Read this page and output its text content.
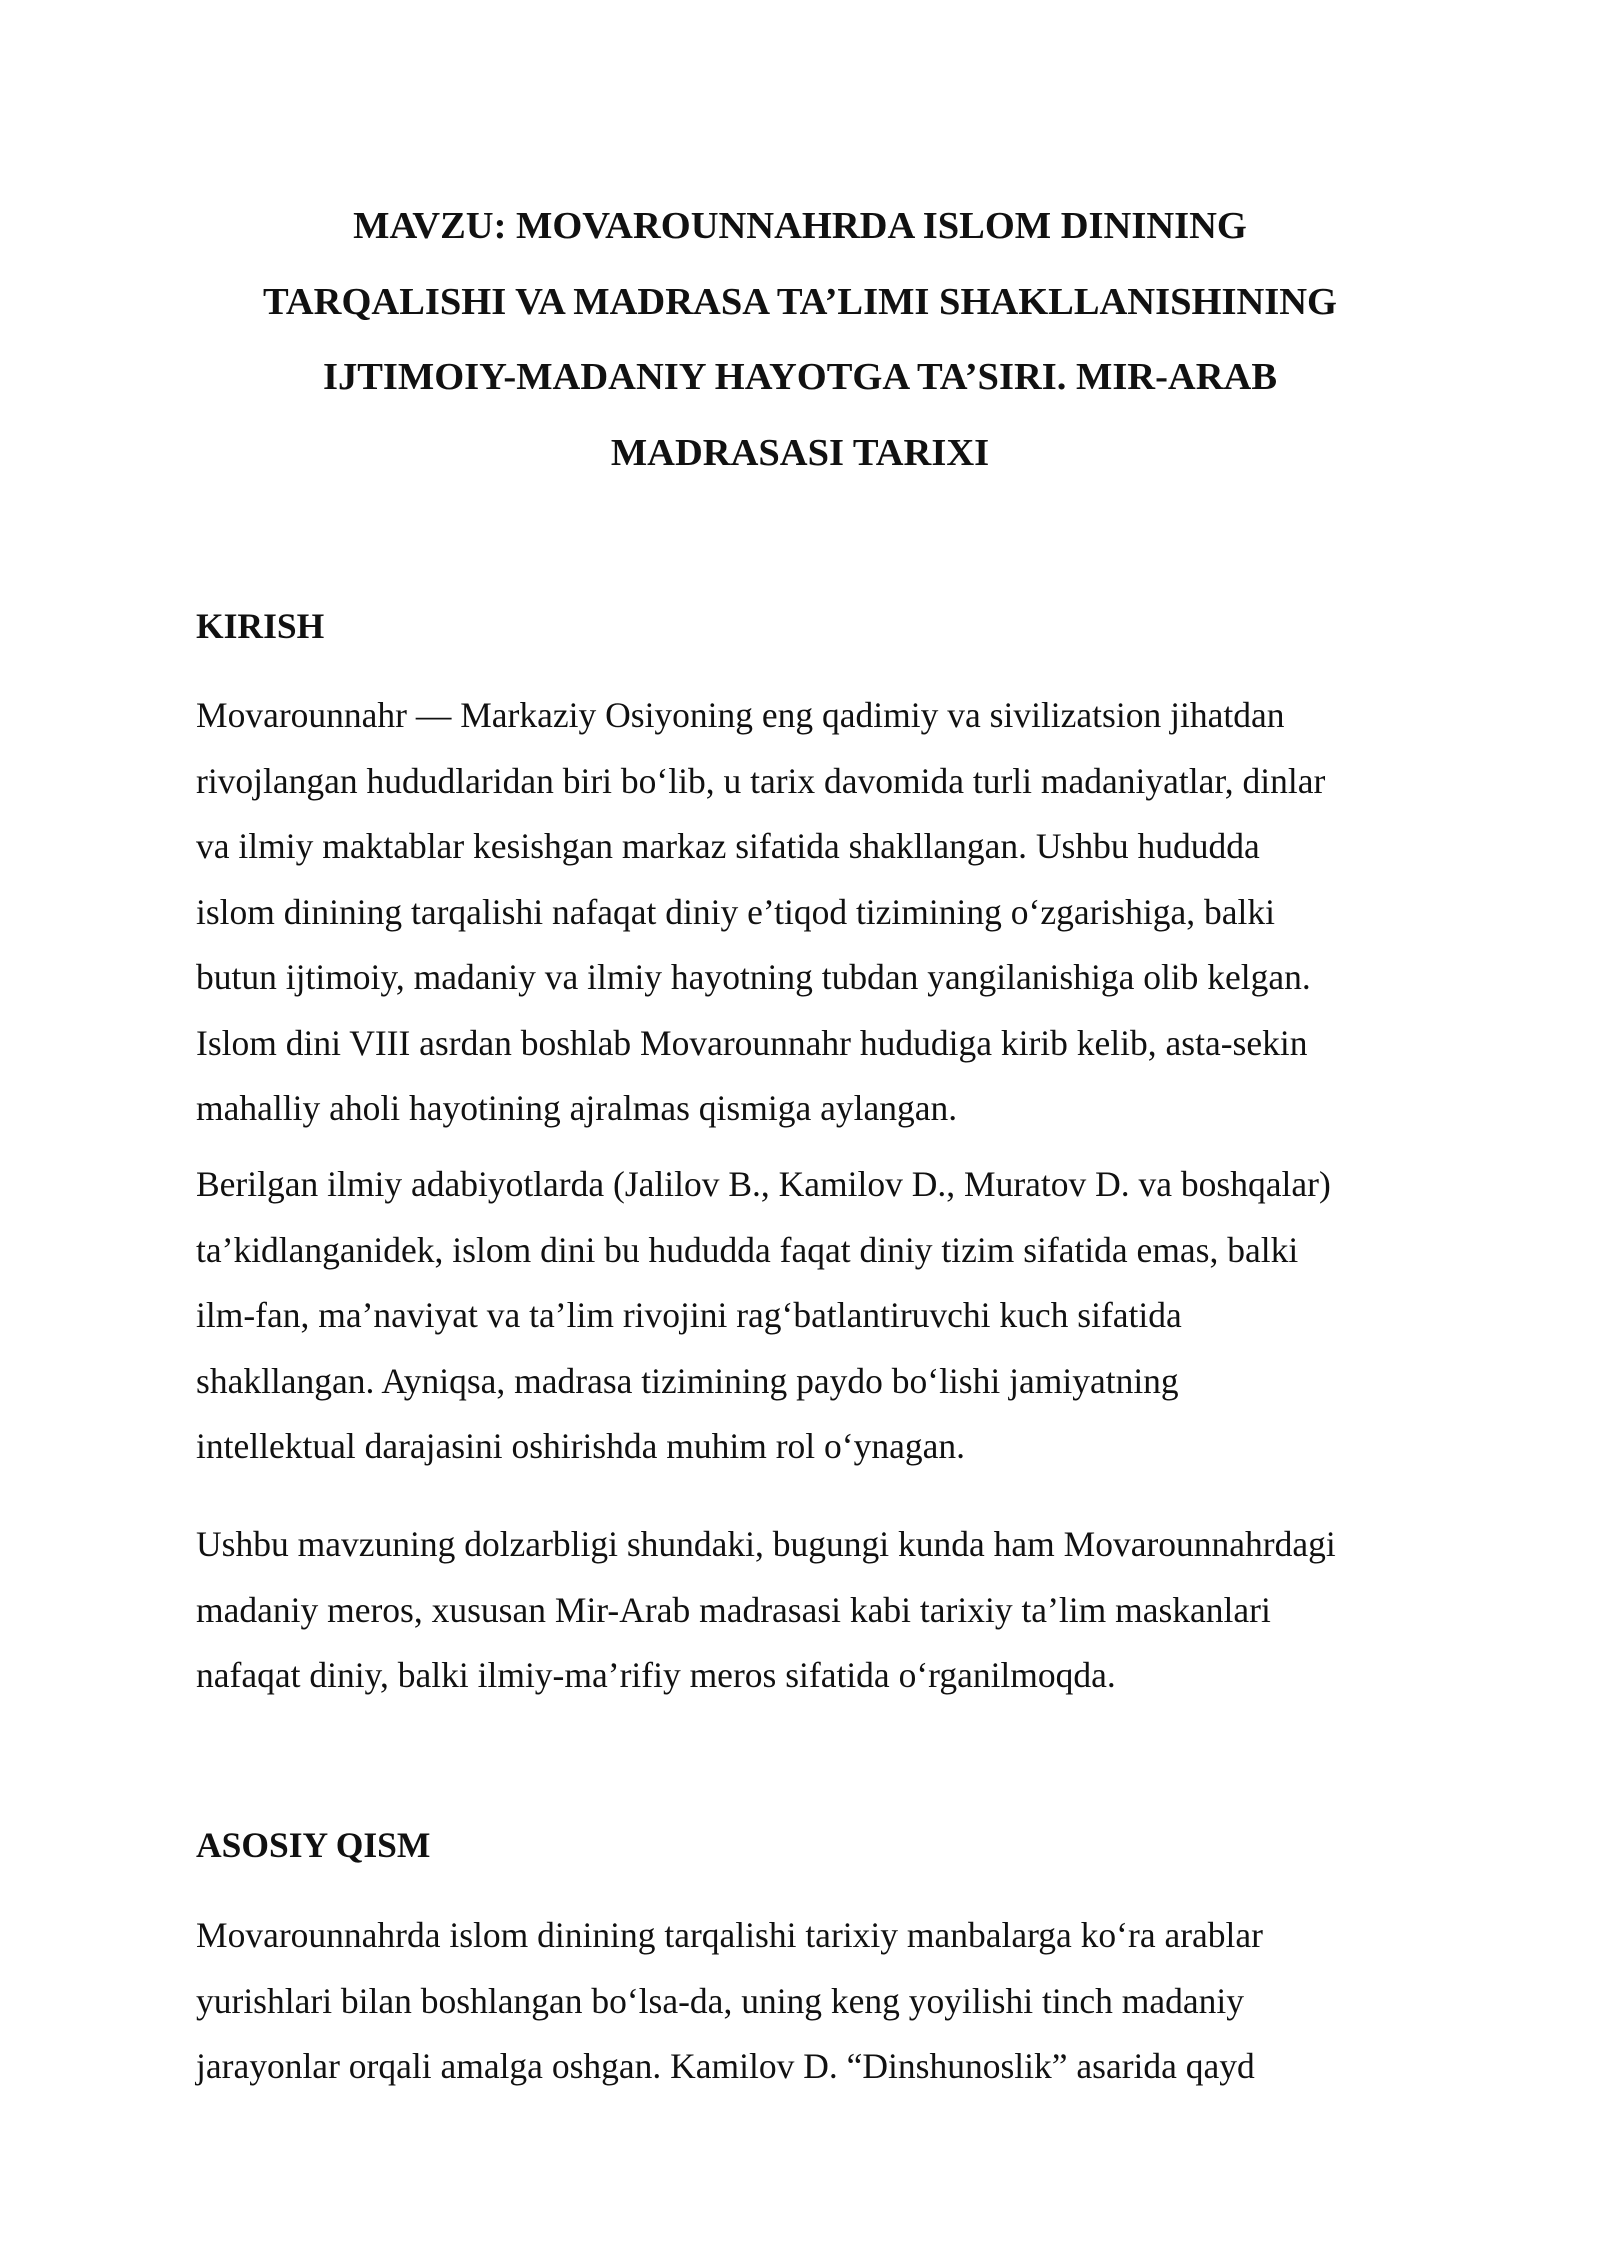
MAVZU: MOVAROUNNAHRDA ISLOM DININING
TARQALISHI VA MADRASA TA’LIMI SHAKLLANISHINING
IJTIMOIY-MADANIY HAYOTGA TA’SIRI. MIR-ARAB
MADRASASI TARIXI
KIRISH

Movarounnahr — Markaziy Osiyoning eng qadimiy va sivilizatsion jihatdan
rivojlangan hududlaridan biri bo‘lib, u tarix davomida turli madaniyatlar, dinlar
va ilmiy maktablar kesishgan markaz sifatida shakllangan. Ushbu hududda
islom dinining tarqalishi nafaqat diniy e’tiqod tizimining o‘zgarishiga, balki
butun ijtimoiy, madaniy va ilmiy hayotning tubdan yangilanishiga olib kelgan.
Islom dini VIII asrdan boshlab Movarounnahr hududiga kirib kelib, asta-sekin
mahalliy aholi hayotining ajralmas qismiga aylangan.

Berilgan ilmiy adabiyotlarda (Jalilov B., Kamilov D., Muratov D. va boshqalar)
ta’kidlanganidek, islom dini bu hududda faqat diniy tizim sifatida emas, balki
ilm-fan, ma’naviyat va ta’lim rivojini rag‘batlantiruvchi kuch sifatida
shakllangan. Ayniqsa, madrasa tizimining paydo bo‘lishi jamiyatning
intellektual darajasini oshirishda muhim rol o‘ynagan.

Ushbu mavzuning dolzarbligi shundaki, bugungi kunda ham Movarounnahrdagi
madaniy meros, xususan Mir-Arab madrasasi kabi tarixiy ta’lim maskanlari
nafaqat diniy, balki ilmiy-ma’rifiy meros sifatida o‘rganilmoqda.

ASOSIY QISM

Movarounnahrda islom dinining tarqalishi tarixiy manbalarga ko‘ra arablar
yurishlari bilan boshlangan bo‘lsa-da, uning keng yoyilishi tinch madaniy
jarayonlar orqali amalga oshgan. Kamilov D. “Dinshunoslik” asarida qayd
